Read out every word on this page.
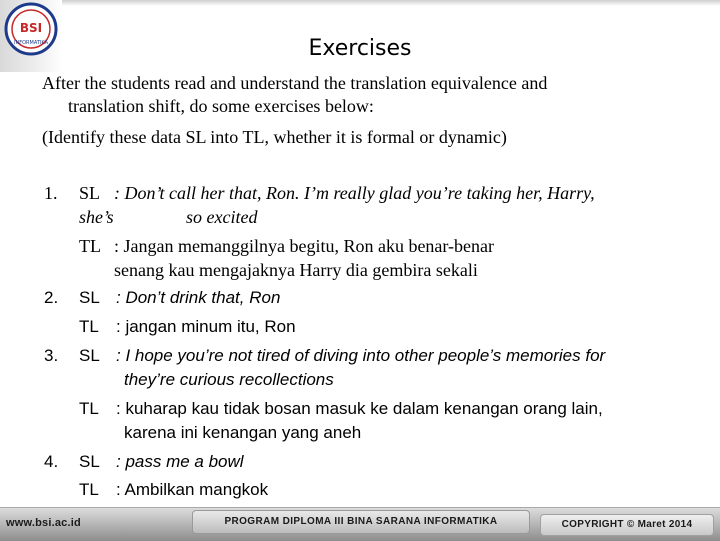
BSI
INFORMATIKA	Exercises
After the students read and understand the translation equivalence and
translation shift, do some exercises below:
(Identify these data SL into TL, whether it is formal or dynamic)
1. SL : Don’t call her that, Ron. I’m really glad you’re taking her, Harry,
she’s	so excited
TL : Jangan memanggilnya begitu, Ron aku benar-benar
senang kau mengajaknya Harry dia gembira sekali
2. SL : Don’t drink that, Ron
TL : jangan minum itu, Ron
3. SL : I hope you’re not tired of diving into other people’s memories for
they’re curious recollections
TL : kuharap kau tidak bosan masuk ke dalam kenangan orang lain,
karena ini kenangan yang aneh
4. SL : pass me a bowl
TL : Ambilkan mangkok
www.bsi.ac.id	PROGRAM DIPLOMA III BINA SARANA INFORMATIKA	COPYRIGHT © Maret 2014
